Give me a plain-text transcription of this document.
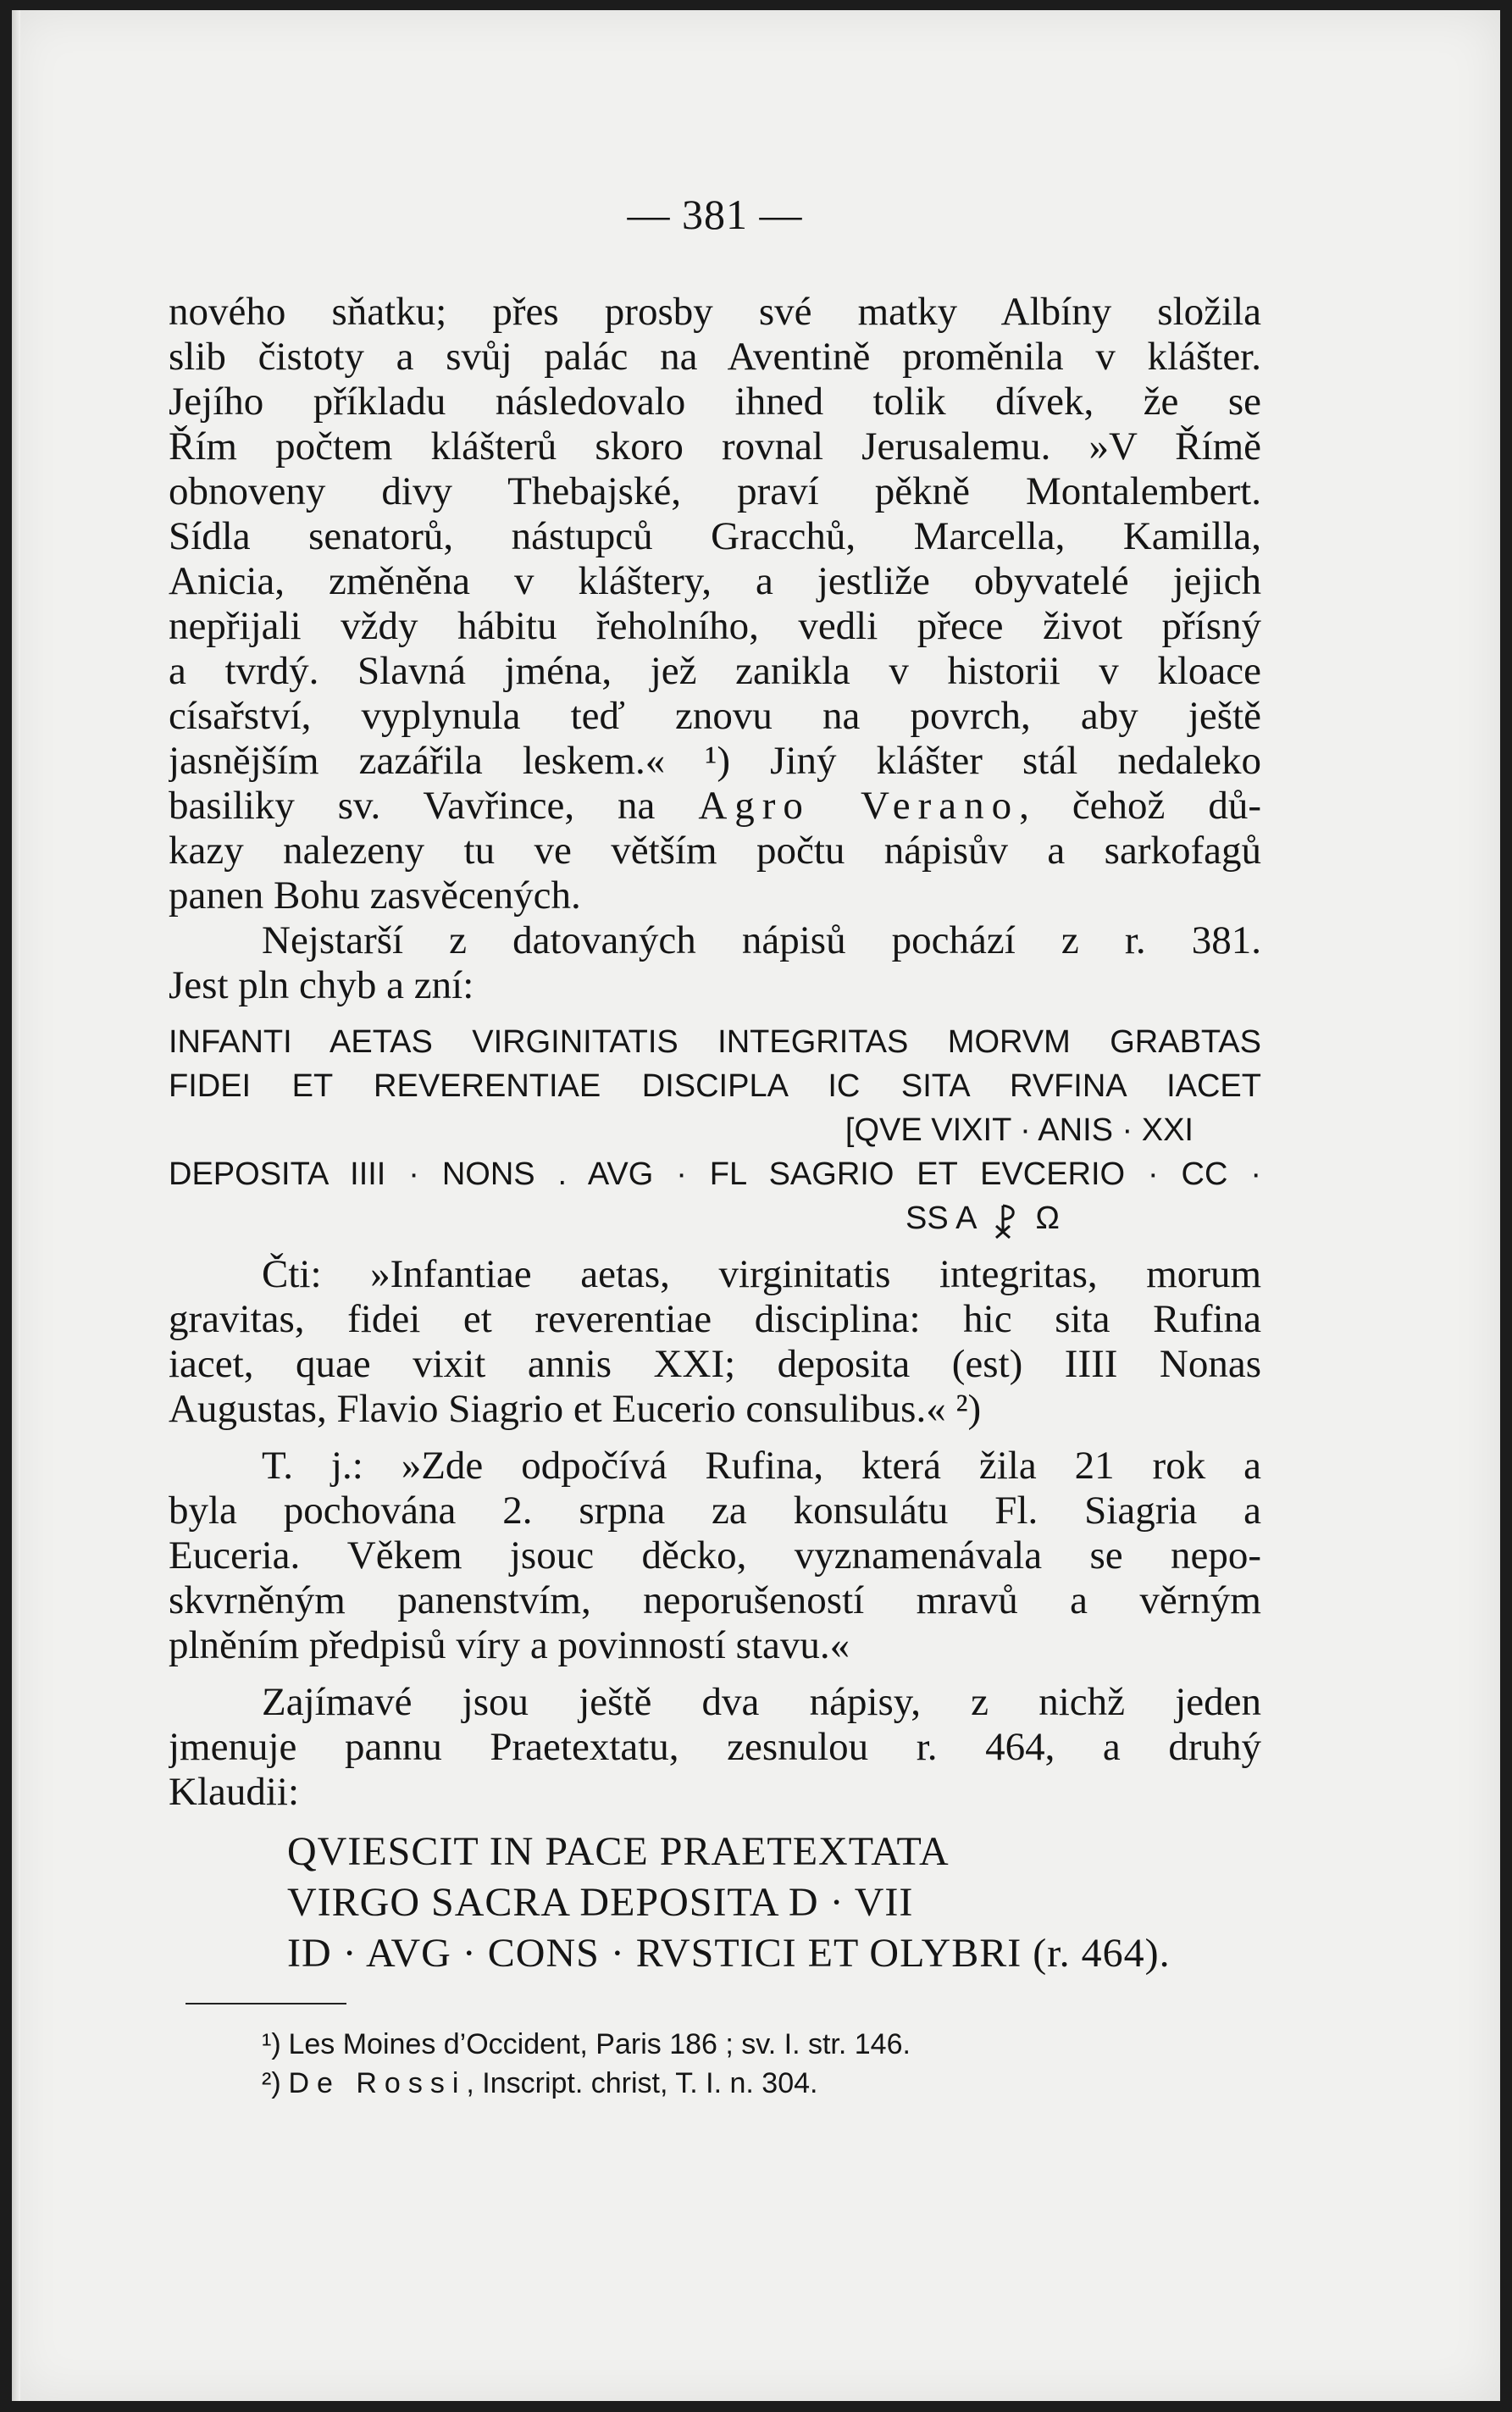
— 381 —
nového sňatku; přes prosby své matky Albíny složila
slib čistoty a svůj palác na Aventině proměnila v klášter.
Jejího příkladu následovalo ihned tolik dívek, že se
Řím počtem klášterů skoro rovnal Jerusalemu. »V Římě
obnoveny divy Thebajské, praví pěkně Montalembert.
Sídla senatorů, nástupců Gracchů, Marcella, Kamilla,
Anicia, změněna v kláštery, a jestliže obyvatelé jejich
nepřijali vždy hábitu řeholního, vedli přece život přísný
a tvrdý. Slavná jména, jež zanikla v historii v kloace
císařství, vyplynula teď znovu na povrch, aby ještě
jasnějším zazářila leskem.« ¹) Jiný klášter stál nedaleko
basiliky sv. Vavřince, na Agro Verano, čehož dů-
kazy nalezeny tu ve větším počtu nápisův a sarkofagů
panen Bohu zasvěcených.
Nejstarší z datovaných nápisů pochází z r. 381.
Jest pln chyb a zní:
INFANTI AETAS VIRGINITATIS INTEGRITAS MORVM GRABTAS
FIDEI ET REVERENTIAE DISCIPLA IC SITA RVFINA IACET
[QVE VIXIT · ANIS · XXI
DEPOSITA IIII · NONS . AVG · FL SAGRIO ET EVCERIO · CC ·
SS A Ω
Čti: »Infantiae aetas, virginitatis integritas, morum
gravitas, fidei et reverentiae disciplina: hic sita Rufina
iacet, quae vixit annis XXI; deposita (est) IIII Nonas
Augustas, Flavio Siagrio et Eucerio consulibus.« ²)
T. j.: »Zde odpočívá Rufina, která žila 21 rok a
byla pochována 2. srpna za konsulátu Fl. Siagria a
Euceria. Věkem jsouc děcko, vyznamenávala se nepo-
skvrněným panenstvím, neporušeností mravů a věrným
plněním předpisů víry a povinností stavu.«
Zajímavé jsou ještě dva nápisy, z nichž jeden
jmenuje pannu Praetextatu, zesnulou r. 464, a druhý
Klaudii:
QVIESCIT IN PACE PRAETEXTATA
VIRGO SACRA DEPOSITA D · VII
ID · AVG · CONS · RVSTICI ET OLYBRI (r. 464).
¹) Les Moines d’Occident, Paris 186 ; sv. I. str. 146.
²) De Rossi, Inscript. christ, T. I. n. 304.
